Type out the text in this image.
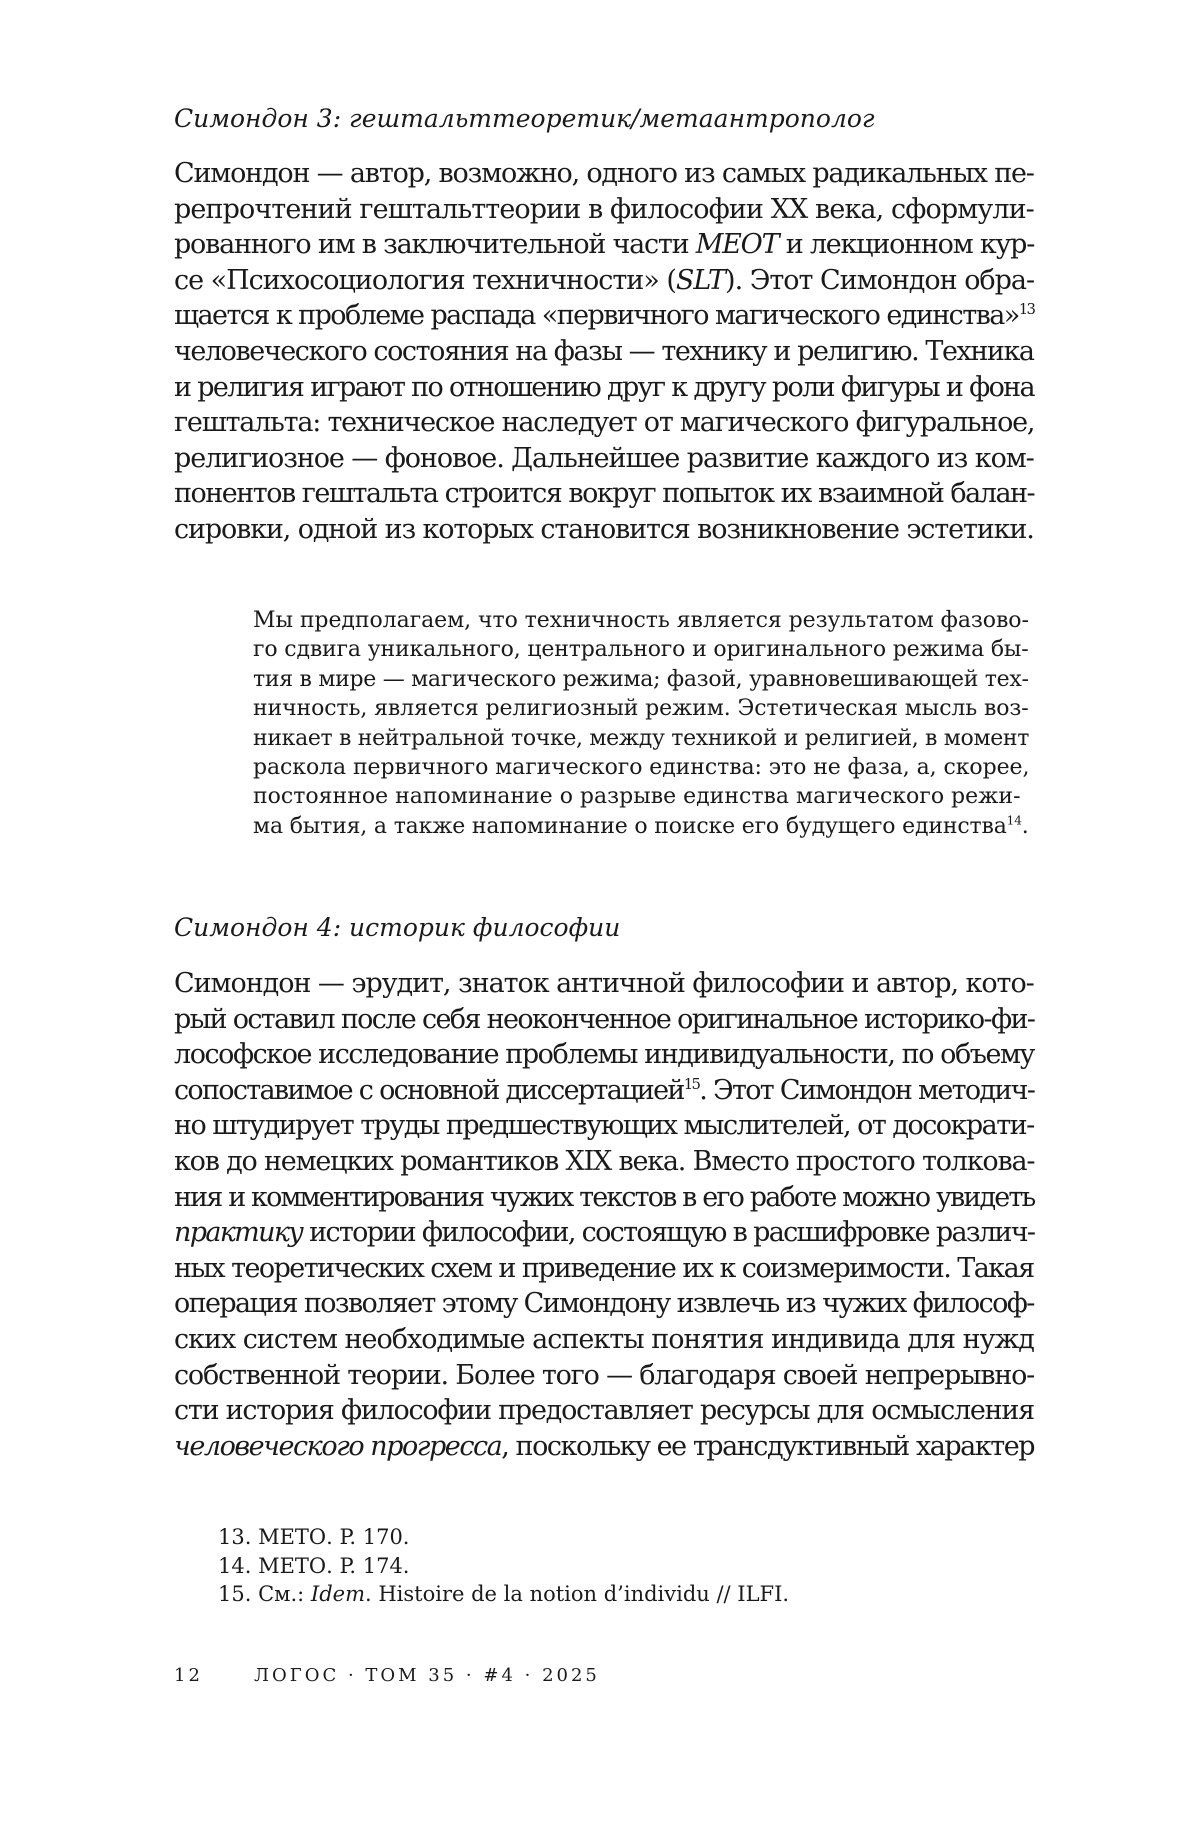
Симондон 3: гештальттеоретик/метаантрополог
Симондон — автор, возможно, одного из самых радикальных пе-
репрочтений гештальттеории в философии XX века, сформули-
рованного им в заключительной части MEOT и лекционном кур-
се «Психосоциология техничности» (SLT). Этот Симондон обра-
щается к проблеме распада «первичного магического единства»$^{13}$
человеческого состояния на фазы — технику и религию. Техника
и религия играют по отношению друг к другу роли фигуры и фона
гештальта: техническое наследует от магического фигуральное,
религиозное — фоновое. Дальнейшее развитие каждого из ком-
понентов гештальта строится вокруг попыток их взаимной балан-
сировки, одной из которых становится возникновение эстетики.
Мы предполагаем, что техничность является результатом фазово-
го сдвига уникального, центрального и оригинального режима бы-
тия в мире — магического режима; фазой, уравновешивающей тех-
ничность, является религиозный режим. Эстетическая мысль воз-
никает в нейтральной точке, между техникой и религией, в момент
раскола первичного магического единства: это не фаза, а, скорее,
постоянное напоминание о разрыве единства магического режи-
ма бытия, а также напоминание о поиске его будущего единства$^{14}$.
Симондон 4: историк философии
Симондон — эрудит, знаток античной философии и автор, кото-
рый оставил после себя неоконченное оригинальное историко-фи-
лософское исследование проблемы индивидуальности, по объему
сопоставимое с основной диссертацией$^{15}$. Этот Симондон методич-
но штудирует труды предшествующих мыслителей, от досократи-
ков до немецких романтиков XIX века. Вместо простого толкова-
ния и комментирования чужих текстов в его работе можно увидеть
практику истории философии, состоящую в расшифровке различ-
ных теоретических схем и приведение их к соизмеримости. Такая
операция позволяет этому Симондону извлечь из чужих философ-
ских систем необходимые аспекты понятия индивида для нужд
собственной теории. Более того — благодаря своей непрерывно-
сти история философии предоставляет ресурсы для осмысления
человеческого прогресса, поскольку ее трансдуктивный характер
13. MEТО. P. 170.
14. MEТО. P. 174.
15. См.: Idem. Histoire de la notion d’individu // ILFI.
12	ЛОГОС · ТОМ 35 · #4 · 2025
